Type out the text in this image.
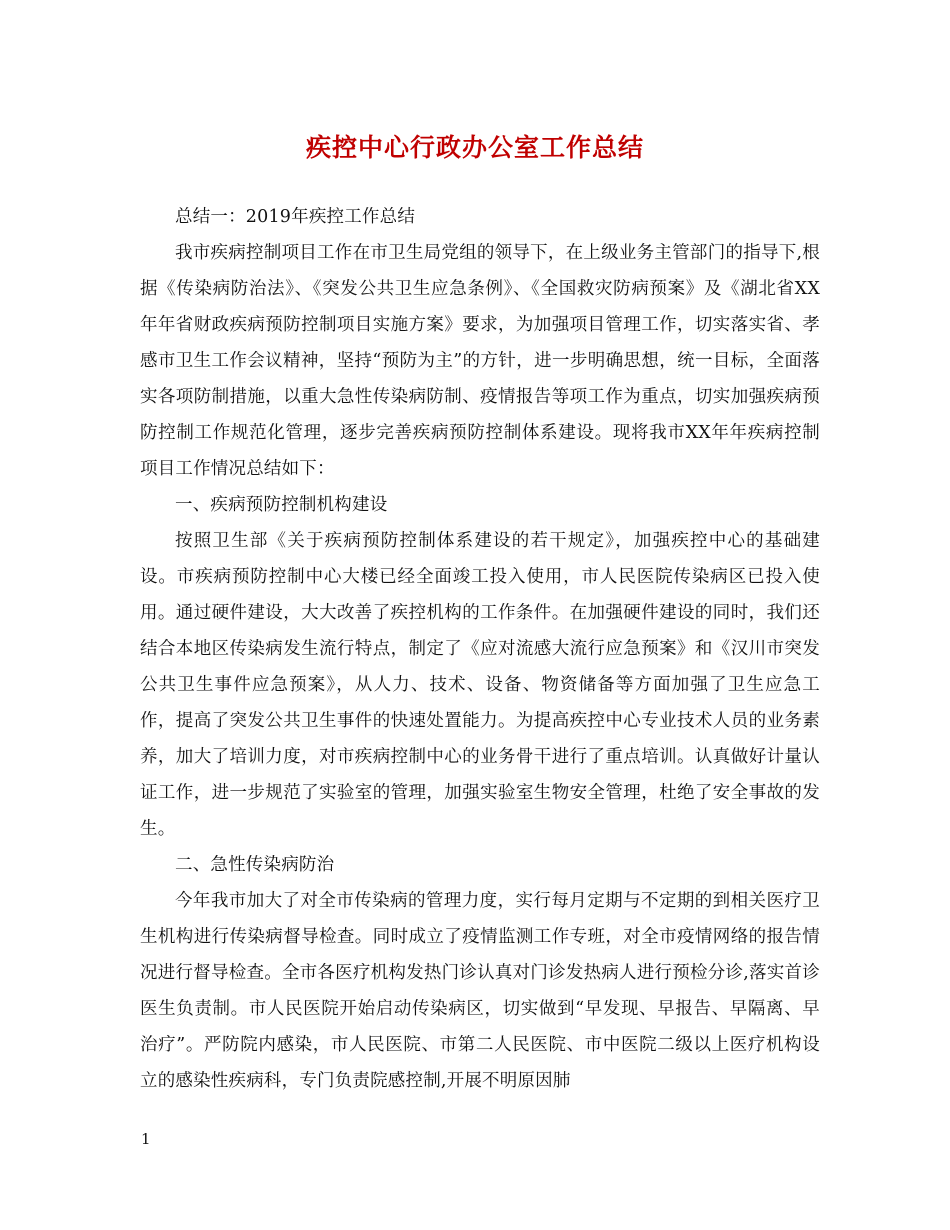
疾控中心行政办公室工作总结

总结一：2019年疾控工作总结

我市疾病控制项目工作在市卫生局党组的领导下，在上级业务主管部门的指导下,根据《传染病防治法》、《突发公共卫生应急条例》、《全国救灾防病预案》及《湖北省XX年年省财政疾病预防控制项目实施方案》要求，为加强项目管理工作，切实落实省、孝感市卫生工作会议精神，坚持“预防为主”的方针，进一步明确思想，统一目标，全面落实各项防制措施，以重大急性传染病防制、疫情报告等项工作为重点，切实加强疾病预防控制工作规范化管理，逐步完善疾病预防控制体系建设。现将我市XX年年疾病控制项目工作情况总结如下：

一、疾病预防控制机构建设

按照卫生部《关于疾病预防控制体系建设的若干规定》，加强疾控中心的基础建设。市疾病预防控制中心大楼已经全面竣工投入使用，市人民医院传染病区已投入使用。通过硬件建设，大大改善了疾控机构的工作条件。在加强硬件建设的同时，我们还结合本地区传染病发生流行特点，制定了《应对流感大流行应急预案》和《汉川市突发公共卫生事件应急预案》，从人力、技术、设备、物资储备等方面加强了卫生应急工作，提高了突发公共卫生事件的快速处置能力。为提高疾控中心专业技术人员的业务素养，加大了培训力度，对市疾病控制中心的业务骨干进行了重点培训。认真做好计量认证工作，进一步规范了实验室的管理，加强实验室生物安全管理，杜绝了安全事故的发生。

二、急性传染病防治

今年我市加大了对全市传染病的管理力度，实行每月定期与不定期的到相关医疗卫生机构进行传染病督导检查。同时成立了疫情监测工作专班，对全市疫情网络的报告情况进行督导检查。全市各医疗机构发热门诊认真对门诊发热病人进行预检分诊,落实首诊医生负责制。市人民医院开始启动传染病区，切实做到“早发现、早报告、早隔离、早治疗”。严防院内感染，市人民医院、市第二人民医院、市中医院二级以上医疗机构设立的感染性疾病科，专门负责院感控制,开展不明原因肺

1
